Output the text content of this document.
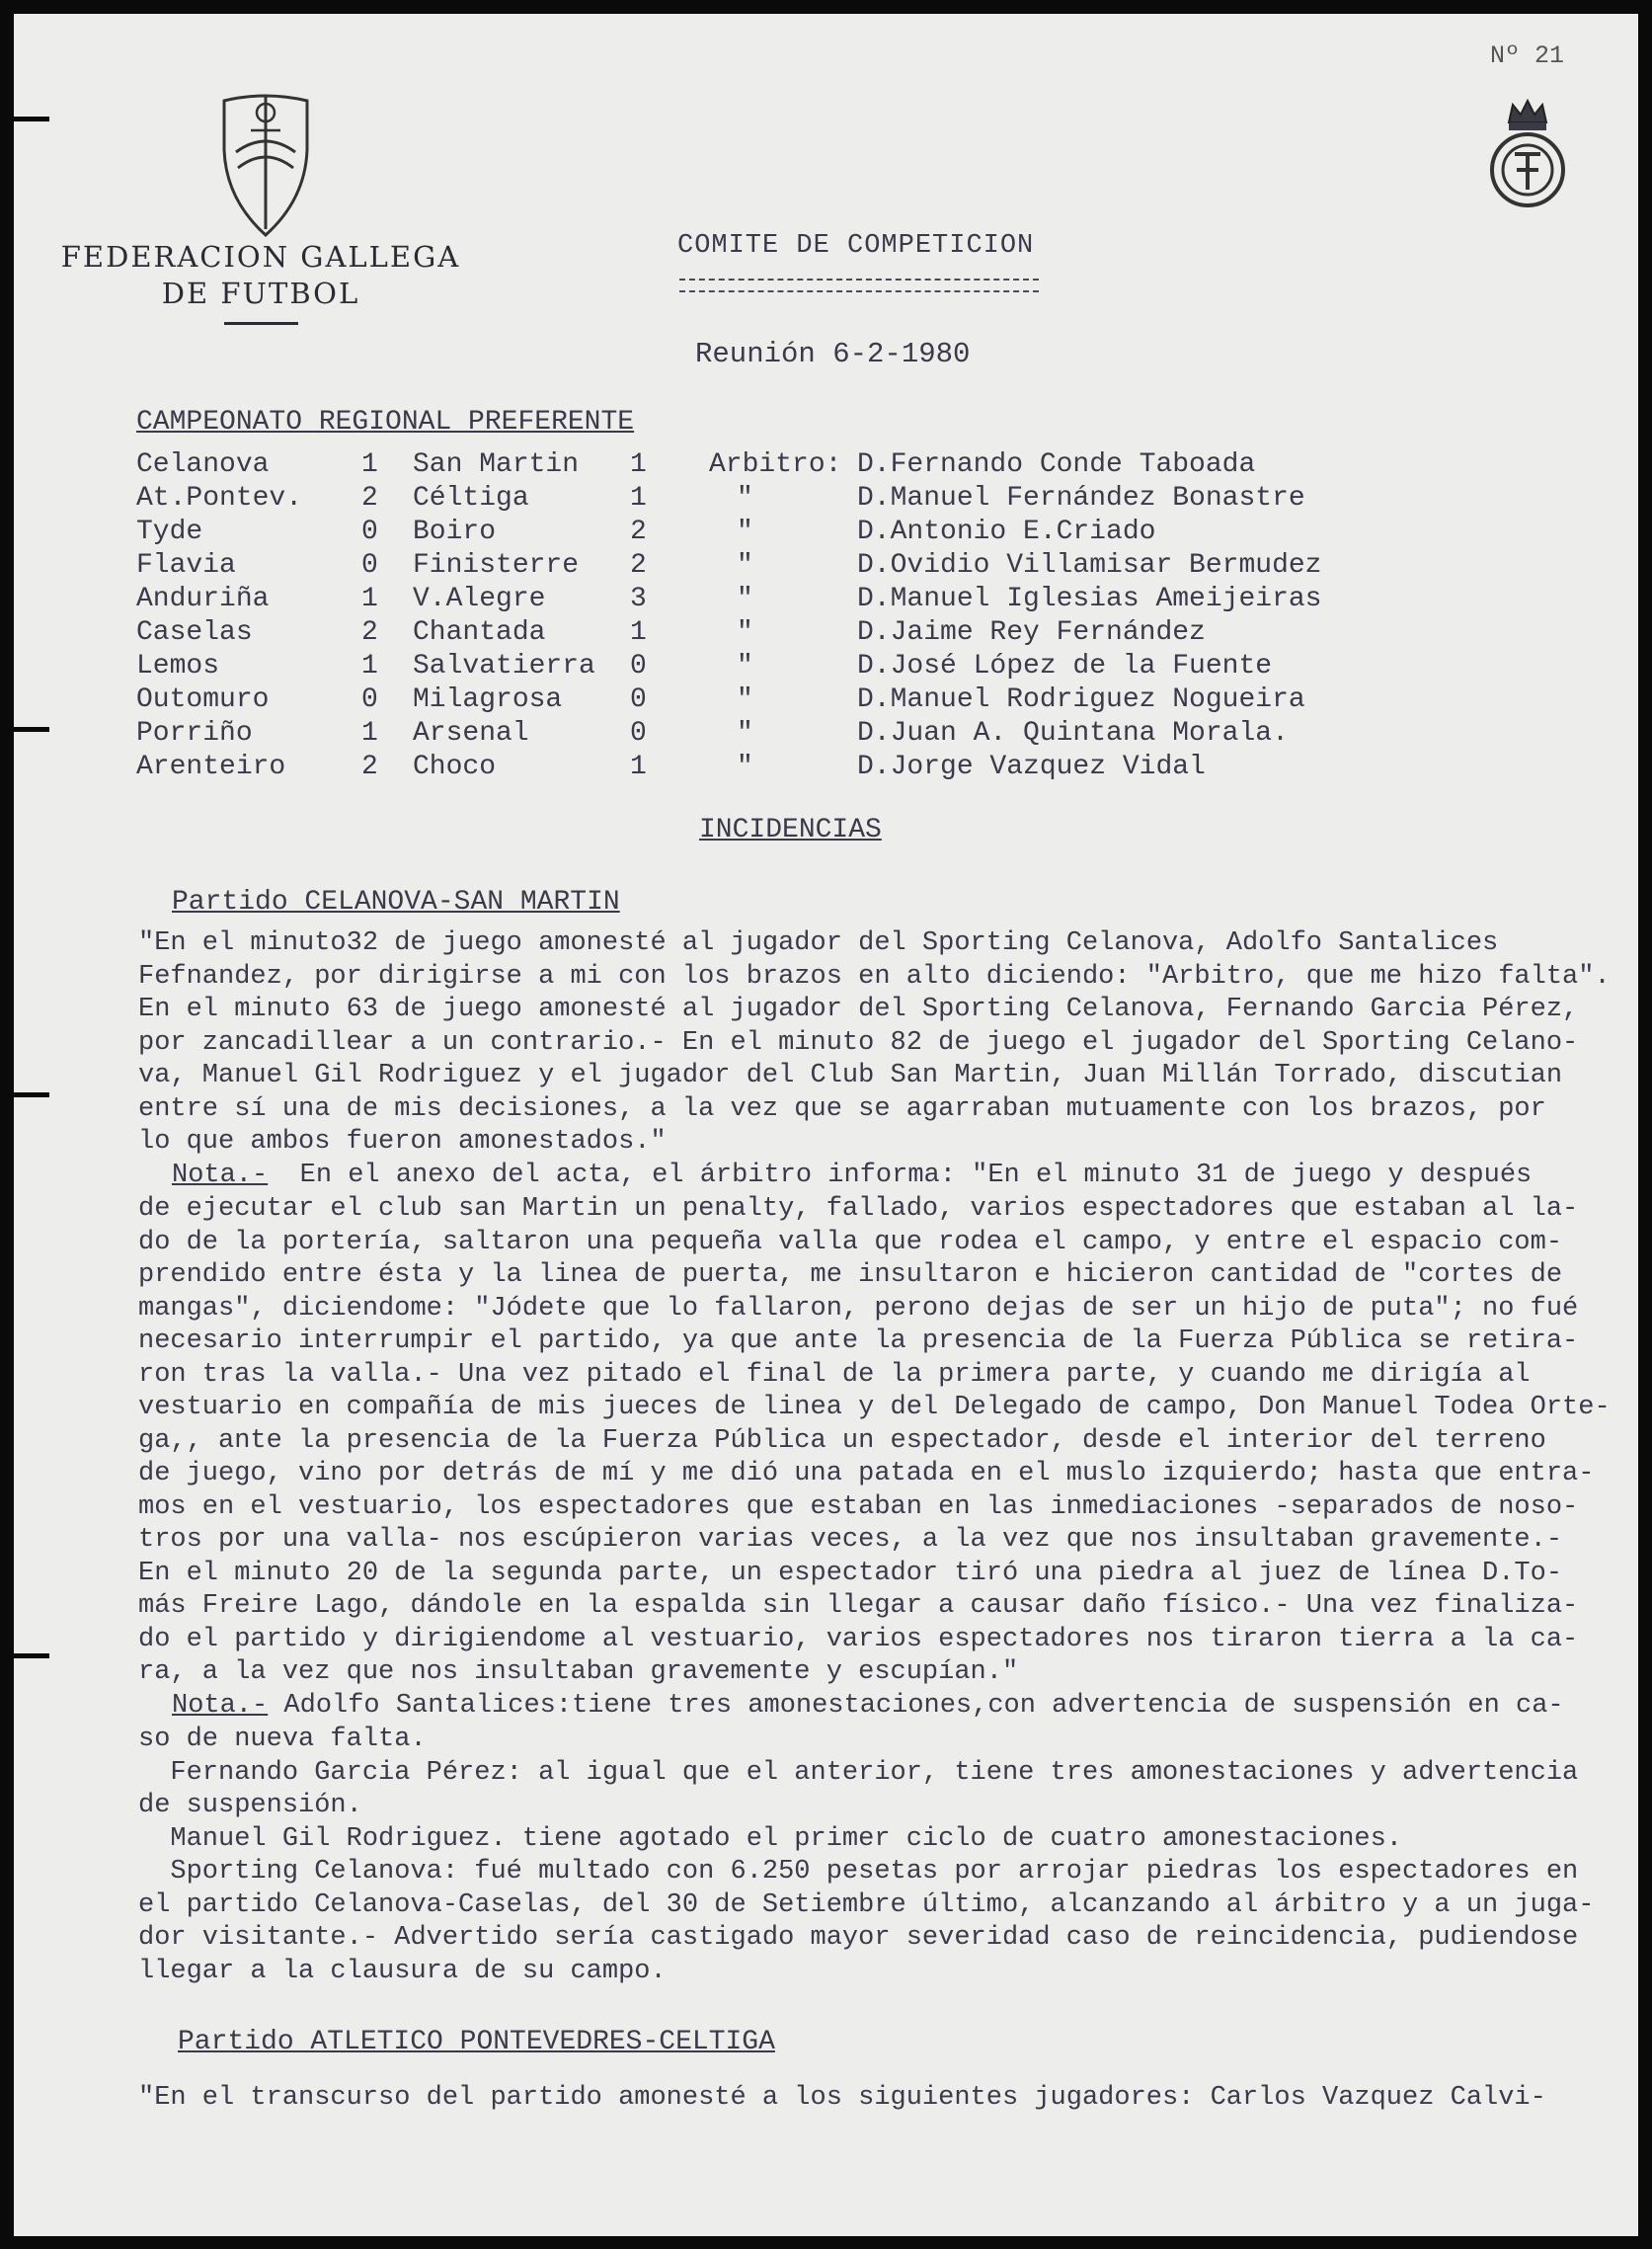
Nº 21
FEDERACION GALLEGA
DE FUTBOL
COMITE DE COMPETICION
Reunión 6-2-1980
CAMPEONATO REGIONAL PREFERENTE
Celanova	1 San Martin 1 Arbitro: D.Fernando Conde Taboada
At.Pontev. 2 Céltiga	1	"	D.Manuel Fernández Bonastre
Tyde	0 Boiro	2	"	D.Antonio E.Criado
Flavia	0 Finisterre 2	"	D.Ovidio Villamisar Bermudez
Anduriña	1 V.Alegre	3	"	D.Manuel Iglesias Ameijeiras
Caselas	2 Chantada	1	"	D.Jaime Rey Fernández
Lemos	1 Salvatierra 0	"	D.José López de la Fuente
Outomuro	0 Milagrosa 0	"	D.Manuel Rodriguez Nogueira
Porriño	1 Arsenal	0	"	D.Juan A. Quintana Morala.
Arenteiro	2 Choco	1	"	D.Jorge Vazquez Vidal
INCIDENCIAS
Partido CELANOVA-SAN MARTIN
"En el minuto32 de juego amonesté al jugador del Sporting Celanova, Adolfo Santalices
Fefnandez, por dirigirse a mi con los brazos en alto diciendo: "Arbitro, que me hizo falta".
En el minuto 63 de juego amonesté al jugador del Sporting Celanova, Fernando Garcia Pérez,
por zancadillear a un contrario.- En el minuto 82 de juego el jugador del Sporting Celano-
va, Manuel Gil Rodriguez y el jugador del Club San Martin, Juan Millán Torrado, discutian
entre sí una de mis decisiones, a la vez que se agarraban mutuamente con los brazos, por
lo que ambos fueron amonestados."
Nota.-  En el anexo del acta, el árbitro informa: "En el minuto 31 de juego y después
de ejecutar el club san Martin un penalty, fallado, varios espectadores que estaban al la-
do de la portería, saltaron una pequeña valla que rodea el campo, y entre el espacio com-
prendido entre ésta y la linea de puerta, me insultaron e hicieron cantidad de "cortes de
mangas", diciendome: "Jódete que lo fallaron, perono dejas de ser un hijo de puta"; no fué
necesario interrumpir el partido, ya que ante la presencia de la Fuerza Pública se retira-
ron tras la valla.- Una vez pitado el final de la primera parte, y cuando me dirigía al
vestuario en compañía de mis jueces de linea y del Delegado de campo, Don Manuel Todea Orte-
ga,, ante la presencia de la Fuerza Pública un espectador, desde el interior del terreno
de juego, vino por detrás de mí y me dió una patada en el muslo izquierdo; hasta que entra-
mos en el vestuario, los espectadores que estaban en las inmediaciones -separados de noso-
tros por una valla- nos escúpieron varias veces, a la vez que nos insultaban gravemente.-
En el minuto 20 de la segunda parte, un espectador tiró una piedra al juez de línea D.To-
más Freire Lago, dándole en la espalda sin llegar a causar daño físico.- Una vez finaliza-
do el partido y dirigiendome al vestuario, varios espectadores nos tiraron tierra a la ca-
ra, a la vez que nos insultaban gravemente y escupían."
Nota.- Adolfo Santalices:tiene tres amonestaciones,con advertencia de suspensión en ca-
so de nueva falta.
Fernando Garcia Pérez: al igual que el anterior, tiene tres amonestaciones y advertencia
de suspensión.
Manuel Gil Rodriguez. tiene agotado el primer ciclo de cuatro amonestaciones.
Sporting Celanova: fué multado con 6.250 pesetas por arrojar piedras los espectadores en
el partido Celanova-Caselas, del 30 de Setiembre último, alcanzando al árbitro y a un juga-
dor visitante.- Advertido sería castigado mayor severidad caso de reincidencia, pudiendose
llegar a la clausura de su campo.
Partido ATLETICO PONTEVEDRES-CELTIGA
"En el transcurso del partido amonesté a los siguientes jugadores: Carlos Vazquez Calvi-
